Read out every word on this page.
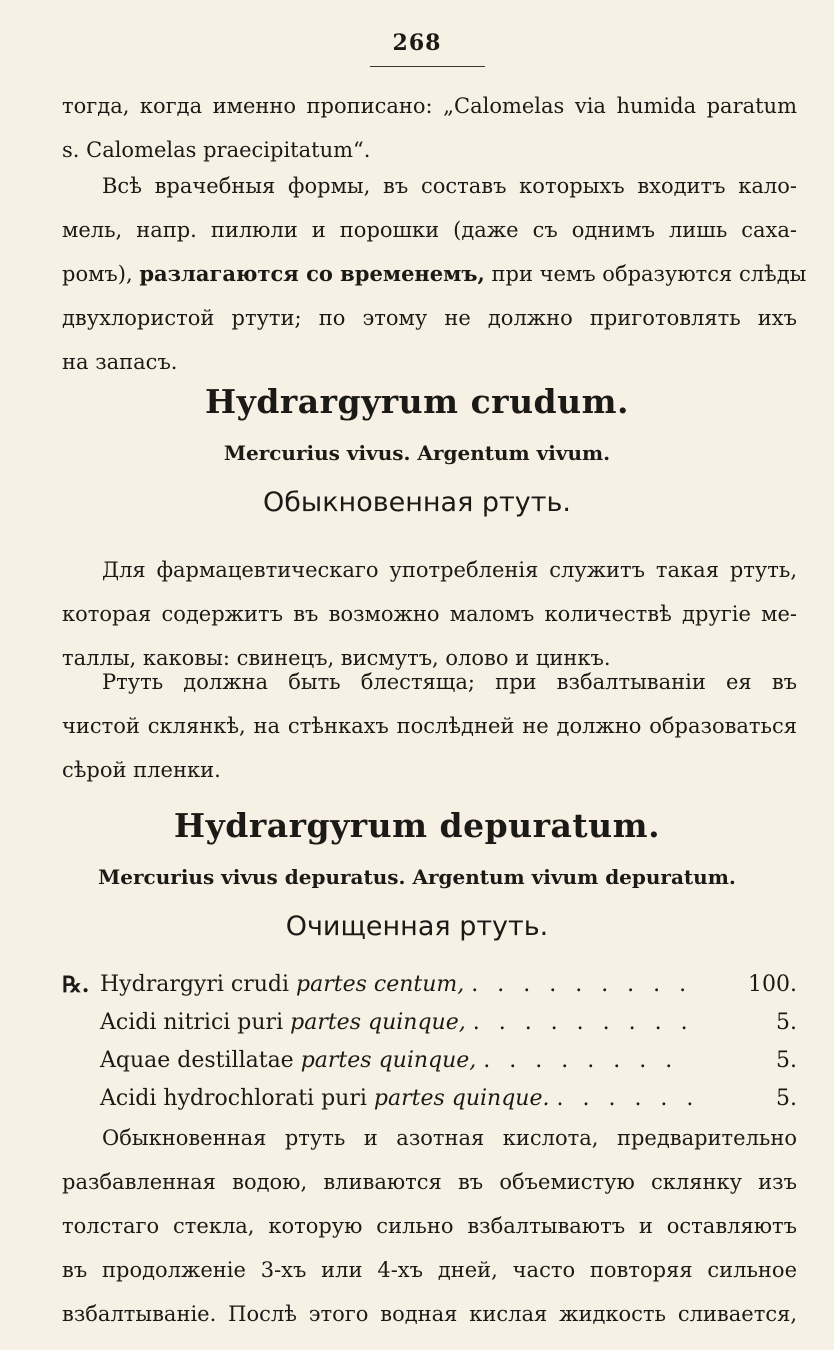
268
тогда, когда именно прописано: „Calomelas via humida paratum
s. Calomelas praecipitatum“.
Всѣ врачебныя формы, въ составъ которыхъ входитъ кало-
мель, напр. пилюли и порошки (даже съ однимъ лишь саха-
ромъ), разлагаются со временемъ, при чемъ образуются слѣды
двухлористой ртути; по этому не должно приготовлять ихъ
на запасъ.
Hydrargyrum crudum.
Mercurius vivus. Argentum vivum.
Обыкновенная ртуть.
Для фармацевтическаго употребленія служитъ такая ртуть,
которая содержитъ въ возможно маломъ количествѣ другіе ме-
таллы, каковы: свинецъ, висмутъ, олово и цинкъ.
Ртуть должна быть блестяща; при взбалтываніи ея въ
чистой склянкѣ, на стѣнкахъ послѣдней не должно образоваться
сѣрой пленки.
Hydrargyrum depuratum.
Mercurius vivus depuratus. Argentum vivum depuratum.
Очищенная ртуть.
℞. Hydrargyri crudi partes centum, . . . . . . . . .	100.
Acidi nitrici puri partes quinque, . . . . . . . . .	5.
Aquae destillatae partes quinque, . . . . . . . .	5.
Acidi hydrochlorati puri partes quinque. . . . . . .	5.
Обыкновенная ртуть и азотная кислота, предварительно
разбавленная водою, вливаются въ объемистую склянку изъ
толстаго стекла, которую сильно взбалтываютъ и оставляютъ
въ продолженіе 3-хъ или 4-хъ дней, часто повторяя сильное
взбалтываніе. Послѣ этого водная кислая жидкость сливается,
